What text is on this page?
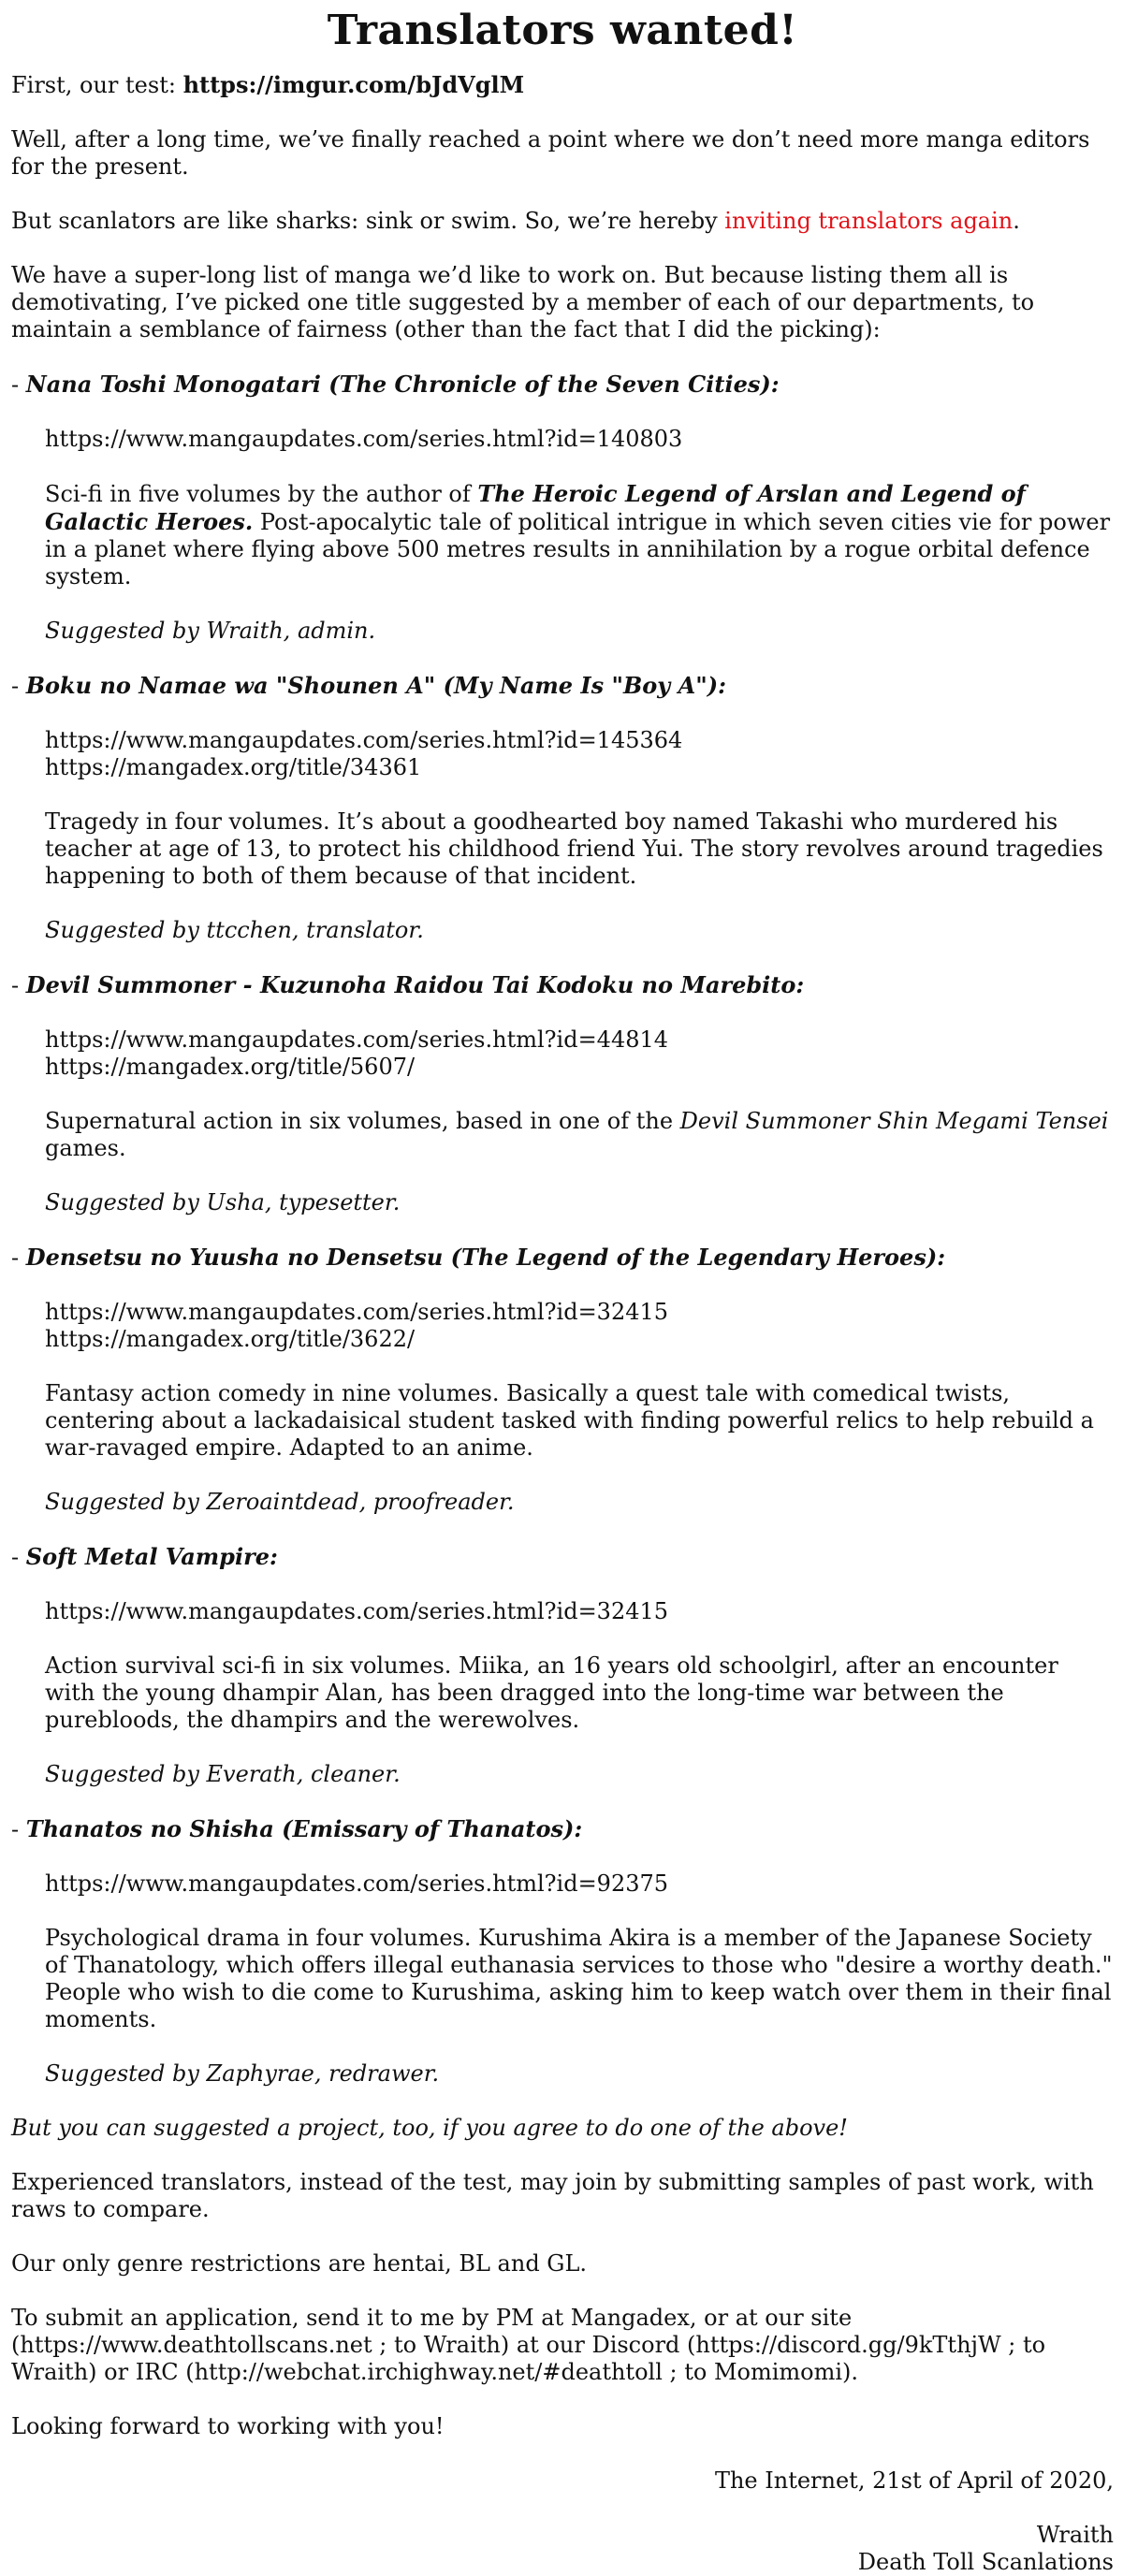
Translators wanted!

First, our test: https://imgur.com/bJdVglM

Well, after a long time, we’ve finally reached a point where we don’t need more manga editors for the present.

But scanlators are like sharks: sink or swim. So, we’re hereby inviting translators again.

We have a super-long list of manga we’d like to work on. But because listing them all is demotivating, I’ve picked one title suggested by a member of each of our departments, to maintain a semblance of fairness (other than the fact that I did the picking):

- Nana Toshi Monogatari (The Chronicle of the Seven Cities):

https://www.mangaupdates.com/series.html?id=140803

Sci-fi in five volumes by the author of The Heroic Legend of Arslan and Legend of Galactic Heroes. Post-apocalytic tale of political intrigue in which seven cities vie for power in a planet where flying above 500 metres results in annihilation by a rogue orbital defence system.

Suggested by Wraith, admin.

- Boku no Namae wa "Shounen A" (My Name Is "Boy A"):

https://www.mangaupdates.com/series.html?id=145364
https://mangadex.org/title/34361

Tragedy in four volumes. It’s about a goodhearted boy named Takashi who murdered his teacher at age of 13, to protect his childhood friend Yui. The story revolves around tragedies happening to both of them because of that incident.

Suggested by ttcchen, translator.

- Devil Summoner - Kuzunoha Raidou Tai Kodoku no Marebito:

https://www.mangaupdates.com/series.html?id=44814
https://mangadex.org/title/5607/

Supernatural action in six volumes, based in one of the Devil Summoner Shin Megami Tensei games.

Suggested by Usha, typesetter.

- Densetsu no Yuusha no Densetsu (The Legend of the Legendary Heroes):

https://www.mangaupdates.com/series.html?id=32415
https://mangadex.org/title/3622/

Fantasy action comedy in nine volumes. Basically a quest tale with comedical twists, centering about a lackadaisical student tasked with finding powerful relics to help rebuild a war-ravaged empire. Adapted to an anime.

Suggested by Zeroaintdead, proofreader.

- Soft Metal Vampire:

https://www.mangaupdates.com/series.html?id=32415

Action survival sci-fi in six volumes. Miika, an 16 years old schoolgirl, after an encounter with the young dhampir Alan, has been dragged into the long-time war between the purebloods, the dhampirs and the werewolves.

Suggested by Everath, cleaner.

- Thanatos no Shisha (Emissary of Thanatos):

https://www.mangaupdates.com/series.html?id=92375

Psychological drama in four volumes. Kurushima Akira is a member of the Japanese Society of Thanatology, which offers illegal euthanasia services to those who "desire a worthy death." People who wish to die come to Kurushima, asking him to keep watch over them in their final moments.

Suggested by Zaphyrae, redrawer.

But you can suggested a project, too, if you agree to do one of the above!

Experienced translators, instead of the test, may join by submitting samples of past work, with raws to compare.

Our only genre restrictions are hentai, BL and GL.

To submit an application, send it to me by PM at Mangadex, or at our site (https://www.deathtollscans.net ; to Wraith) at our Discord (https://discord.gg/9kTthjW ; to Wraith) or IRC (http://webchat.irchighway.net/#deathtoll ; to Momimomi).

Looking forward to working with you!

The Internet, 21st of April of 2020,

Wraith

Death Toll Scanlations
